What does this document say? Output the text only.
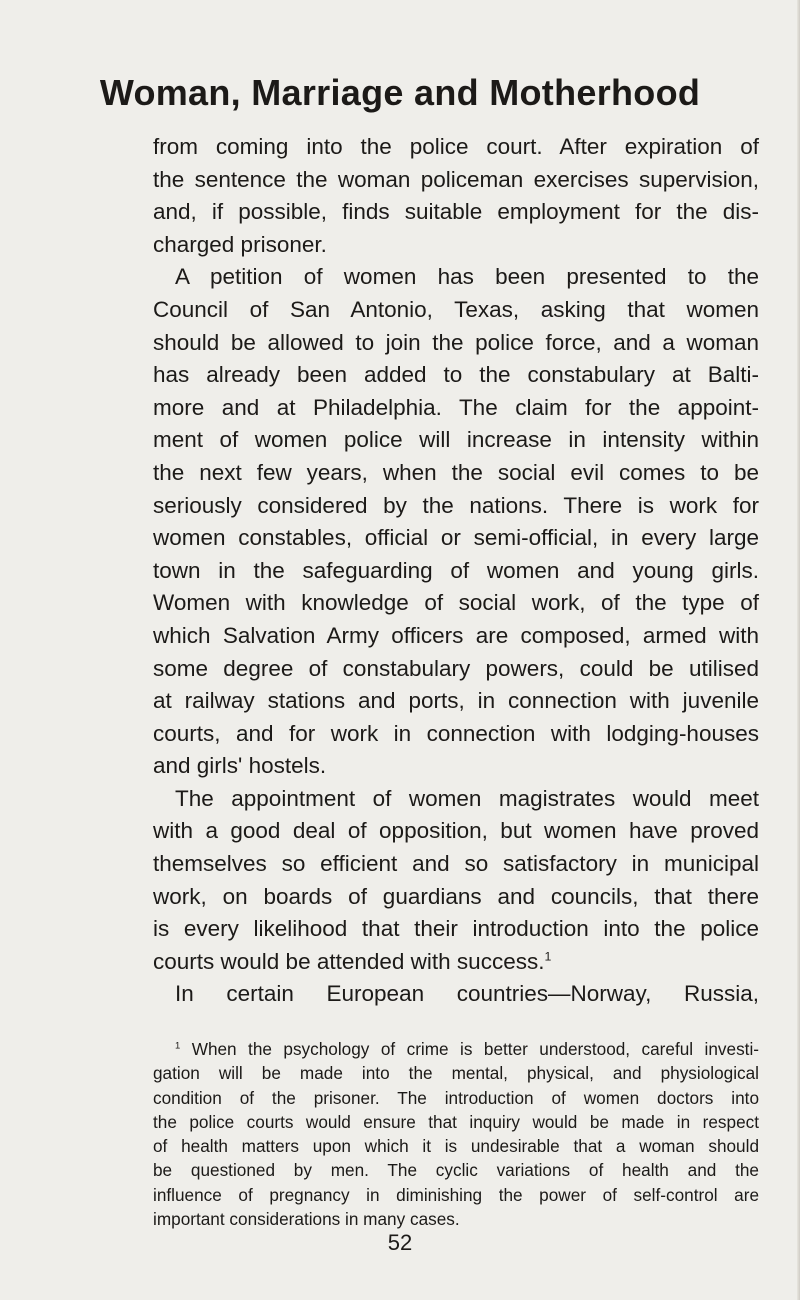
Woman, Marriage and Motherhood
from coming into the police court. After expiration of
the sentence the woman policeman exercises supervision,
and, if possible, finds suitable employment for the dis-
charged prisoner.
A petition of women has been presented to the
Council of San Antonio, Texas, asking that women
should be allowed to join the police force, and a woman
has already been added to the constabulary at Balti-
more and at Philadelphia. The claim for the appoint-
ment of women police will increase in intensity within
the next few years, when the social evil comes to be
seriously considered by the nations. There is work for
women constables, official or semi-official, in every large
town in the safeguarding of women and young girls.
Women with knowledge of social work, of the type of
which Salvation Army officers are composed, armed with
some degree of constabulary powers, could be utilised
at railway stations and ports, in connection with juvenile
courts, and for work in connection with lodging-houses
and girls' hostels.
The appointment of women magistrates would meet
with a good deal of opposition, but women have proved
themselves so efficient and so satisfactory in municipal
work, on boards of guardians and councils, that there
is every likelihood that their introduction into the police
courts would be attended with success.$^1$
In certain European countries—Norway, Russia,
$^1$ When the psychology of crime is better understood, careful investi-
gation will be made into the mental, physical, and physiological
condition of the prisoner. The introduction of women doctors into
the police courts would ensure that inquiry would be made in respect
of health matters upon which it is undesirable that a woman should
be questioned by men. The cyclic variations of health and the
influence of pregnancy in diminishing the power of self-control are
important considerations in many cases.
52
